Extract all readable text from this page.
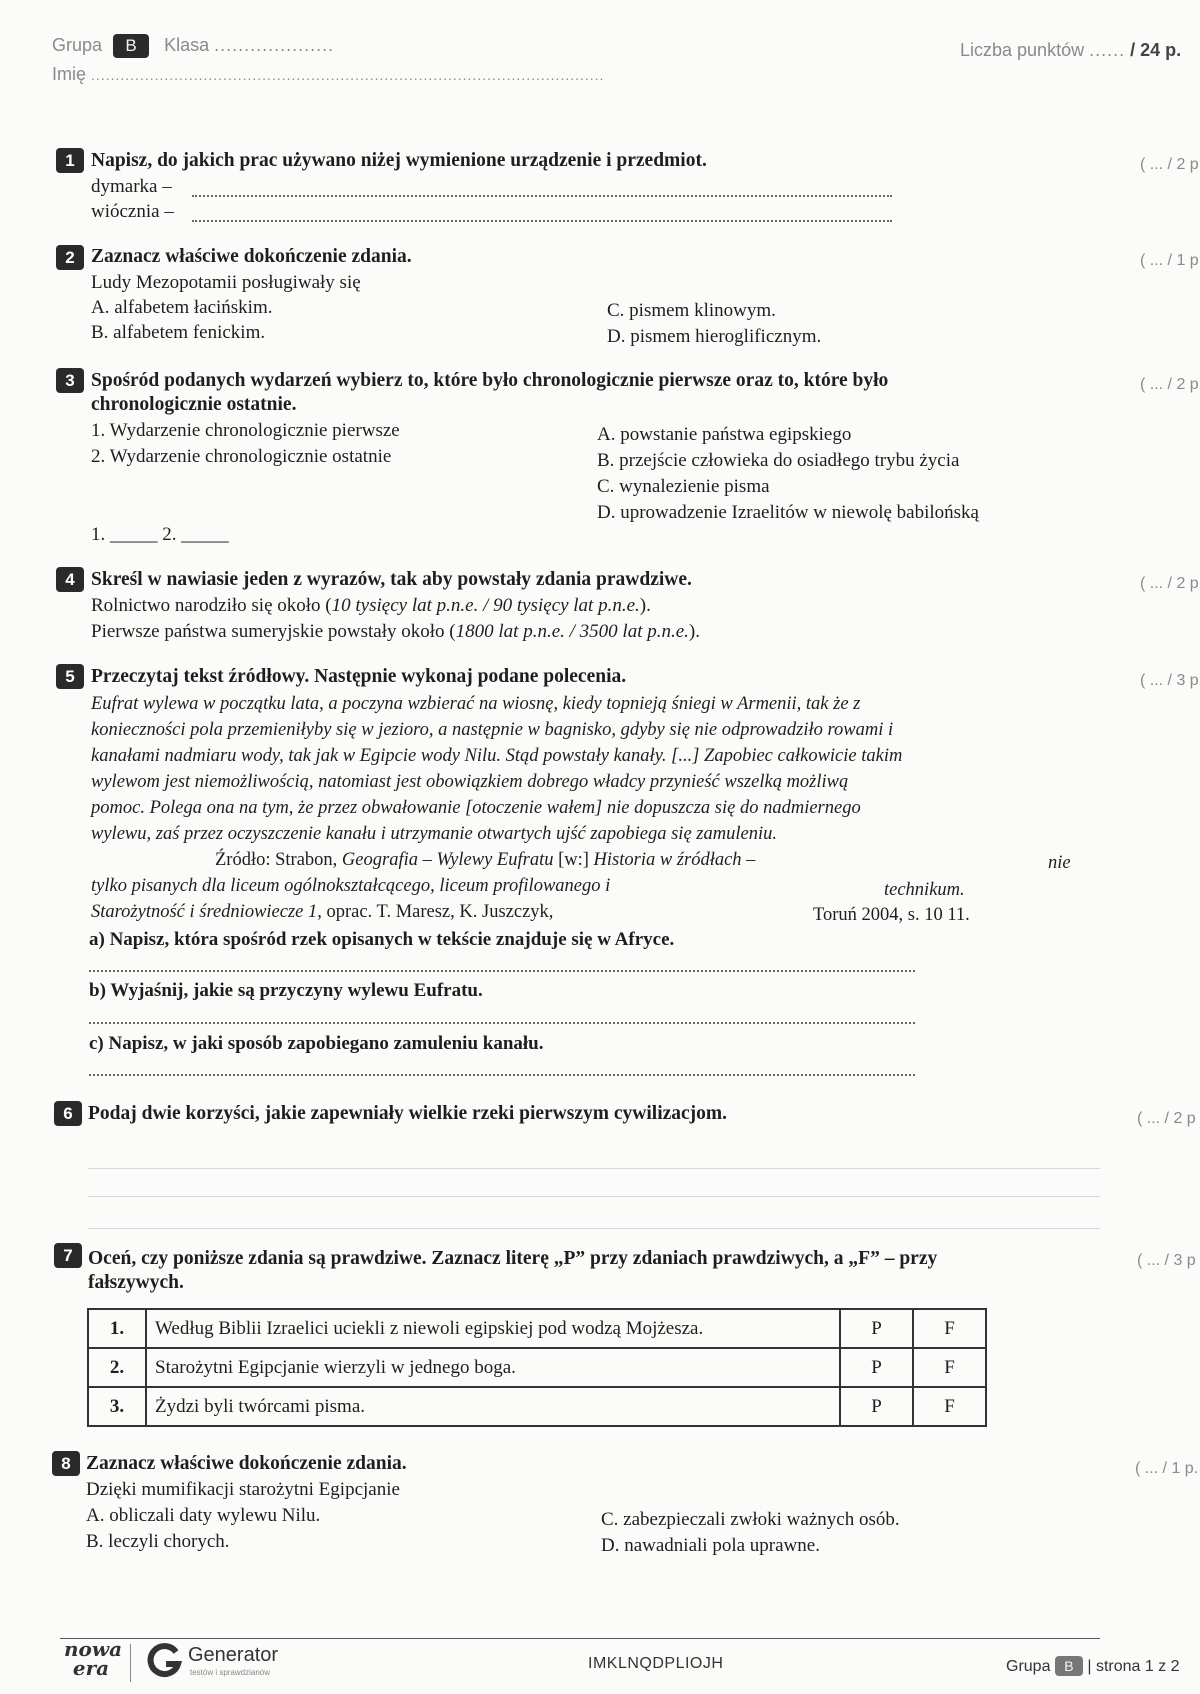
Grupa B Klasa ....................
Imię .........................................................................................................
Liczba punktów ...... / 24 p.
1 Napisz, do jakich prac używano niżej wymienione urządzenie i przedmiot.	( ... / 2 p
dymarka –
wiócznia –
2 Zaznacz właściwe dokończenie zdania.	( ... / 1 p
Ludy Mezopotamii posługiwały się
A. alfabetem łacińskim.
B. alfabetem fenickim.
C. pismem klinowym.
D. pismem hieroglificznym.
3 Spośród podanych wydarzeń wybierz to, które było chronologicznie pierwsze oraz to, które było
chronologicznie ostatnie.
( ... / 2 p
1. Wydarzenie chronologicznie pierwsze
2. Wydarzenie chronologicznie ostatnie
A. powstanie państwa egipskiego
B. przejście człowieka do osiadłego trybu życia
C. wynalezienie pisma
D. uprowadzenie Izraelitów w niewolę babilońską
1. _____ 2. _____
4 Skreśl w nawiasie jeden z wyrazów, tak aby powstały zdania prawdziwe.	( ... / 2 p
Rolnictwo narodziło się około (10 tysięcy lat p.n.e. / 90 tysięcy lat p.n.e.).
Pierwsze państwa sumeryjskie powstały około (1800 lat p.n.e. / 3500 lat p.n.e.).
5 Przeczytaj tekst źródłowy. Następnie wykonaj podane polecenia.	( ... / 3 p
Eufrat wylewa w początku lata, a poczyna wzbierać na wiosnę, kiedy topnieją śniegi w Armenii, tak że z
konieczności pola przemieniłyby się w jezioro, a następnie w bagnisko, gdyby się nie odprowadziło rowami i
kanałami nadmiaru wody, tak jak w Egipcie wody Nilu. Stąd powstały kanały. [...] Zapobiec całkowicie takim
wylewom jest niemożliwością, natomiast jest obowiązkiem dobrego władcy przynieść wszelką możliwą
pomoc. Polega ona na tym, że przez obwałowanie [otoczenie wałem] nie dopuszcza się do nadmiernego
wylewu, zaś przez oczyszczenie kanału i utrzymanie otwartych ujść zapobiega się zamuleniu.
Źródło: Strabon, Geografia – Wylewy Eufratu [w:] Historia w źródłach –	nie
tylko pisanych dla liceum ogólnokształcącego, liceum profilowanego i	technikum.
Starożytność i średniowiecze 1, oprac. T. Maresz, K. Juszczyk,	Toruń 2004, s. 10 11.
a) Napisz, która spośród rzek opisanych w tekście znajduje się w Afryce.
b) Wyjaśnij, jakie są przyczyny wylewu Eufratu.
c) Napisz, w jaki sposób zapobiegano zamuleniu kanału.
6 Podaj dwie korzyści, jakie zapewniały wielkie rzeki pierwszym cywilizacjom.	( ... / 2 p
7 Oceń, czy poniższe zdania są prawdziwe. Zaznacz literę „P” przy zdaniach prawdziwych, a „F” – przy
fałszywych.
( ... / 3 p
1.	Według Biblii Izraelici uciekli z niewoli egipskiej pod wodzą Mojżesza.	P	F
2.	Starożytni Egipcjanie wierzyli w jednego boga.	P	F
3.	Żydzi byli twórcami pisma.	P	F
8 Zaznacz właściwe dokończenie zdania.	( ... / 1 p.
Dzięki mumifikacji starożytni Egipcjanie
A. obliczali daty wylewu Nilu.
B. leczyli chorych.
C. zabezpieczali zwłoki ważnych osób.
D. nawadniali pola uprawne.
nowa
era
Generator
testów i sprawdzianów
IMKLNQDPLIOJH	Grupa B | strona 1 z 2
